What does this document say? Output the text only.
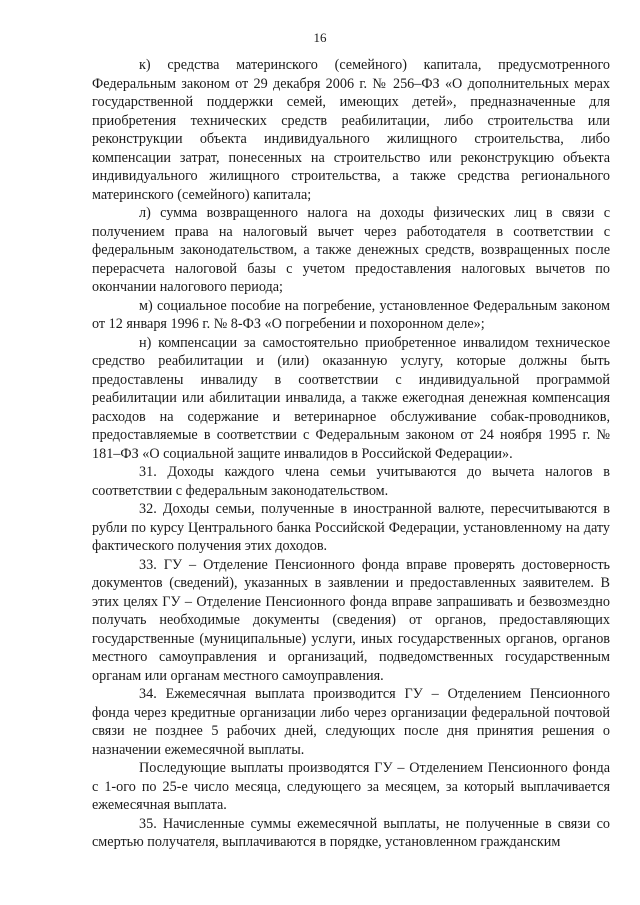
16

к) средства материнского (семейного) капитала, предусмотренного Федеральным законом от 29 декабря 2006 г. № 256–ФЗ «О дополнительных мерах государственной поддержки семей, имеющих детей», предназначенные для приобретения технических средств реабилитации, либо строительства или реконструкции объекта индивидуального жилищного строительства, либо компенсации затрат, понесенных на строительство или реконструкцию объекта индивидуального жилищного строительства, а также средства регионального материнского (семейного) капитала;

л) сумма возвращенного налога на доходы физических лиц в связи с получением права на налоговый вычет через работодателя в соответствии с федеральным законодательством, а также денежных средств, возвращенных после перерасчета налоговой базы с учетом предоставления налоговых вычетов по окончании налогового периода;

м) социальное пособие на погребение, установленное Федеральным законом от 12 января 1996 г. № 8-ФЗ «О погребении и похоронном деле»;

н) компенсации за самостоятельно приобретенное инвалидом техническое средство реабилитации и (или) оказанную услугу, которые должны быть предоставлены инвалиду в соответствии с индивидуальной программой реабилитации или абилитации инвалида, а также ежегодная денежная компенсация расходов на содержание и ветеринарное обслуживание собак-проводников, предоставляемые в соответствии с Федеральным законом от 24 ноября 1995 г. № 181–ФЗ «О социальной защите инвалидов в Российской Федерации».

31. Доходы каждого члена семьи учитываются до вычета налогов в соответствии с федеральным законодательством.

32. Доходы семьи, полученные в иностранной валюте, пересчитываются в рубли по курсу Центрального банка Российской Федерации, установленному на дату фактического получения этих доходов.

33. ГУ – Отделение Пенсионного фонда вправе проверять достоверность документов (сведений), указанных в заявлении и предоставленных заявителем. В этих целях ГУ – Отделение Пенсионного фонда вправе запрашивать и безвозмездно получать необходимые документы (сведения) от органов, предоставляющих государственные (муниципальные) услуги, иных государственных органов, органов местного самоуправления и организаций, подведомственных государственным органам или органам местного самоуправления.

34. Ежемесячная выплата производится ГУ – Отделением Пенсионного фонда через кредитные организации либо через организации федеральной почтовой связи не позднее 5 рабочих дней, следующих после дня принятия решения о назначении ежемесячной выплаты.

Последующие выплаты производятся ГУ – Отделением Пенсионного фонда с 1-ого по 25-е число месяца, следующего за месяцем, за который выплачивается ежемесячная выплата.

35. Начисленные суммы ежемесячной выплаты, не полученные в связи со смертью получателя, выплачиваются в порядке, установленном гражданским
